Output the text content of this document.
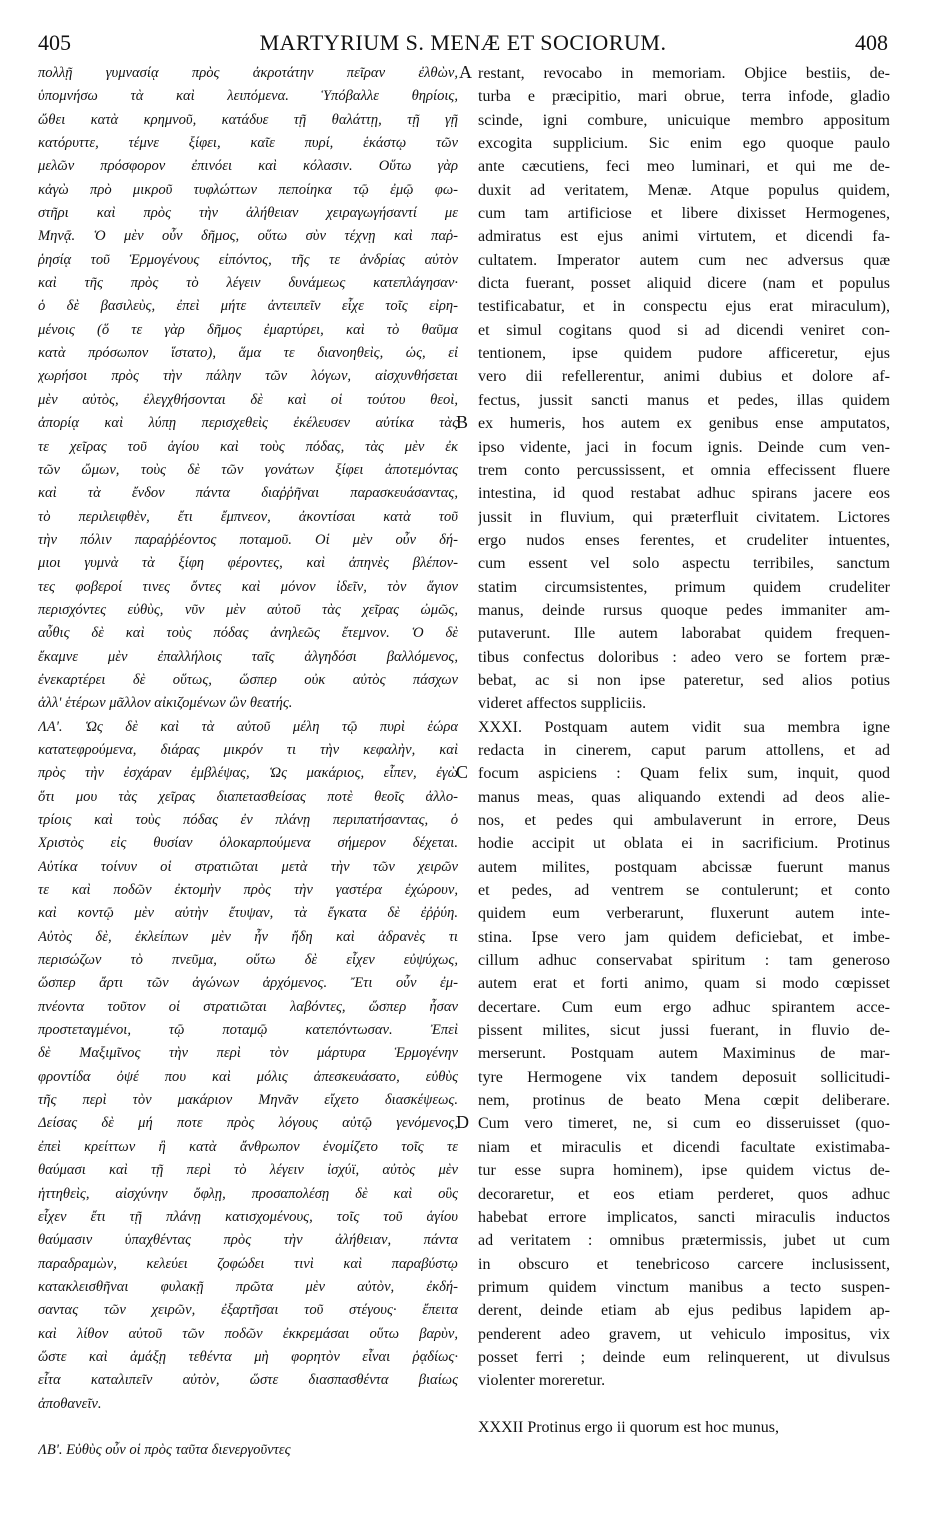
405	MARTYRIUM S. MENÆ ET SOCIORUM.	408
πολλῇ γυμνασίᾳ πρὸς ἀκροτάτην πεῖραν ἐλθὼν,
ὑπομνήσω τὰ καὶ λειπόμενα. Ὑπόβαλλε θηρίοις,
ὤθει κατὰ κρημνοῦ, κατάδυε τῇ θαλάττῃ, τῇ γῇ
κατόρυττε, τέμνε ξίφει, καῖε πυρί, ἑκάστῳ τῶν
μελῶν πρόσφορον ἐπινόει καὶ κόλασιν. Οὕτω γὰρ
κἀγὼ πρὸ μικροῦ τυφλώττων πεποίηκα τῷ ἐμῷ φω-
στῆρι καὶ πρὸς τὴν ἀλήθειαν χειραγωγήσαντί με
Μηνᾷ. Ὁ μὲν οὖν δῆμος, οὕτω σὺν τέχνῃ καὶ παῤ-
ῥησίᾳ τοῦ Ἑρμογένους εἰπόντος, τῆς τε ἀνδρίας αὐτὸν
καὶ τῆς πρὸς τὸ λέγειν δυνάμεως κατεπλάγησαν·
ὁ δὲ βασιλεὺς, ἐπεὶ μήτε ἀντειπεῖν εἶχε τοῖς εἰρη-
μένοις (ὅ τε γὰρ δῆμος ἐμαρτύρει, καὶ τὸ θαῦμα
κατὰ πρόσωπον ἵστατο), ἅμα τε διανοηθεὶς, ὡς, εἰ
χωρήσοι πρὸς τὴν πάλην τῶν λόγων, αἰσχυνθήσεται
μὲν αὐτὸς, ἐλεγχθήσονται δὲ καὶ οἱ τούτου θεοὶ,
ἀπορίᾳ καὶ λύπῃ περισχεθεὶς ἐκέλευσεν αὐτίκα τὰς
τε χεῖρας τοῦ ἁγίου καὶ τοὺς πόδας, τὰς μὲν ἐκ
τῶν ὤμων, τοὺς δὲ τῶν γονάτων ξίφει ἀποτεμόντας
καὶ τὰ ἔνδον πάντα διαῤῥῆναι παρασκευάσαντας,
τὸ περιλειφθὲν, ἔτι ἔμπνεον, ἀκοντίσαι κατὰ τοῦ
τὴν πόλιν παραῤῥέοντος ποταμοῦ. Οἱ μὲν οὖν δή-
μιοι γυμνὰ τὰ ξίφη φέροντες, καὶ ἀπηνὲς βλέπον-
τες φοβεροί τινες ὄντες καὶ μόνον ἰδεῖν, τὸν ἅγιον
περισχόντες εὐθὺς, νῦν μὲν αὐτοῦ τὰς χεῖρας ὠμῶς,
αὖθις δὲ καὶ τοὺς πόδας ἀνηλεῶς ἔτεμνον. Ὁ δὲ
ἔκαμνε μὲν ἐπαλλήλοις ταῖς ἀλγηδόσι βαλλόμενος,
ἐνεκαρτέρει δὲ οὕτως, ὥσπερ οὐκ αὐτὸς πάσχων
ἀλλ' ἑτέρων μᾶλλον αἰκιζομένων ὢν θεατής.
ΛΑ'. Ὡς δὲ καὶ τὰ αὐτοῦ μέλη τῷ πυρὶ ἑώρα
κατατεφρούμενα, διάρας μικρόν τι τὴν κεφαλὴν, καὶ
πρὸς τὴν ἐσχάραν ἐμβλέψας, Ὡς μακάριος, εἶπεν, ἐγὼ
ὅτι μου τὰς χεῖρας διαπετασθείσας ποτὲ θεοῖς ἀλλο-
τρίοις καὶ τοὺς πόδας ἐν πλάνῃ περιπατήσαντας, ὁ
Χριστὸς εἰς θυσίαν ὁλοκαρπούμενα σήμερον δέχεται.
Αὐτίκα τοίνυν οἱ στρατιῶται μετὰ τὴν τῶν χειρῶν
τε καὶ ποδῶν ἐκτομὴν πρὸς τὴν γαστέρα ἐχώρουν,
καὶ κοντῷ μὲν αὐτὴν ἔτυψαν, τὰ ἔγκατα δὲ ἐῤῥύη.
Αὐτὸς δὲ, ἐκλείπων μὲν ἦν ἤδη καὶ ἀδρανὲς τι
περισώζων τὸ πνεῦμα, οὕτω δὲ εἶχεν εὐψύχως,
ὥσπερ ἄρτι τῶν ἀγώνων ἀρχόμενος. Ἔτι οὖν ἐμ-
πνέοντα τοῦτον οἱ στρατιῶται λαβόντες, ὥσπερ ἦσαν
προστεταγμένοι, τῷ ποταμῷ κατεπόντωσαν. Ἐπεὶ
δὲ Μαξιμῖνος τὴν περὶ τὸν μάρτυρα Ἑρμογένην
φροντίδα ὀψέ που καὶ μόλις ἀπεσκευάσατο, εὐθὺς
τῆς περὶ τὸν μακάριον Μηνᾶν εἴχετο διασκέψεως.
Δείσας δὲ μή ποτε πρὸς λόγους αὐτῷ γενόμενος,
ἐπεὶ κρείττων ἢ κατὰ ἄνθρωπον ἐνομίζετο τοῖς τε
θαύμασι καὶ τῇ περὶ τὸ λέγειν ἰσχύϊ, αὐτὸς μὲν
ἡττηθεὶς, αἰσχύνην ὄφλῃ, προσαπολέσῃ δὲ καὶ οὓς
εἶχεν ἔτι τῇ πλάνῃ κατισχομένους, τοῖς τοῦ ἁγίου
θαύμασιν ὑπαχθέντας πρὸς τὴν ἀλήθειαν, πάντα
παραδραμὼν, κελεύει ζοφώδει τινὶ καὶ παραβύστῳ
κατακλεισθῆναι φυλακῇ πρῶτα μὲν αὐτὸν, ἐκδή-
σαντας τῶν χειρῶν, ἐξαρτῆσαι τοῦ στέγους· ἔπειτα
καὶ λίθον αὐτοῦ τῶν ποδῶν ἐκκρεμάσαι οὕτω βαρὺν,
ὥστε καὶ ἁμάξῃ τεθέντα μὴ φορητὸν εἶναι ῥᾳδίως·
εἶτα καταλιπεῖν αὐτὸν, ὥστε διασπασθέντα βιαίως
ἀποθανεῖν.
ΛΒ'. Εὐθὺς οὖν οἱ πρὸς ταῦτα διενεργοῦντες
restant, revocabo in memoriam. Objice bestiis, de-
turba e præcipitio, mari obrue, terra infode, gladio
scinde, igni combure, unicuique membro appositum
excogita supplicium. Sic enim ego quoque paulo
ante cæcutiens, feci meo luminari, et qui me de-
duxit ad veritatem, Menæ. Atque populus quidem,
cum tam artificiose et libere dixisset Hermogenes,
admiratus est ejus animi virtutem, et dicendi fa-
cultatem. Imperator autem cum nec adversus quæ
dicta fuerant, posset aliquid dicere (nam et populus
testificabatur, et in conspectu ejus erat miraculum),
et simul cogitans quod si ad dicendi veniret con-
tentionem, ipse quidem pudore afficeretur, ejus
vero dii refellerentur, animi dubius et dolore af-
fectus, jussit sancti manus et pedes, illas quidem
ex humeris, hos autem ex genibus ense amputatos,
ipso vidente, jaci in focum ignis. Deinde cum ven-
trem conto percussissent, et omnia effecissent fluere
intestina, id quod restabat adhuc spirans jacere eos
jussit in fluvium, qui præterfluit civitatem. Lictores
ergo nudos enses ferentes, et crudeliter intuentes,
cum essent vel solo aspectu terribiles, sanctum
statim circumsistentes, primum quidem crudeliter
manus, deinde rursus quoque pedes immaniter am-
putaverunt. Ille autem laborabat quidem frequen-
tibus confectus doloribus : adeo vero se fortem præ-
bebat, ac si non ipse pateretur, sed alios potius
videret affectos suppliciis.
XXXI. Postquam autem vidit sua membra igne
redacta in cinerem, caput parum attollens, et ad
focum aspiciens : Quam felix sum, inquit, quod
manus meas, quas aliquando extendi ad deos alie-
nos, et pedes qui ambulaverunt in errore, Deus
hodie accipit ut oblata ei in sacrificium. Protinus
autem milites, postquam abcissæ fuerunt manus
et pedes, ad ventrem se contulerunt; et conto
quidem eum verberarunt, fluxerunt autem inte-
stina. Ipse vero jam quidem deficiebat, et imbe-
cillum adhuc conservabat spiritum : tam generoso
autem erat et forti animo, quam si modo cœpisset
decertare. Cum eum ergo adhuc spirantem acce-
pissent milites, sicut jussi fuerant, in fluvio de-
merserunt. Postquam autem Maximinus de mar-
tyre Hermogene vix tandem deposuit sollicitudi-
nem, protinus de beato Mena cœpit deliberare.
Cum vero timeret, ne, si cum eo disseruisset (quo-
niam et miraculis et dicendi facultate existimaba-
tur esse supra hominem), ipse quidem victus de-
decoraretur, et eos etiam perderet, quos adhuc
habebat errore implicatos, sancti miraculis inductos
ad veritatem : omnibus prætermissis, jubet ut cum
in obscuro et tenebricoso carcere inclusissent,
primum quidem vinctum manibus a tecto suspen-
derent, deinde etiam ab ejus pedibus lapidem ap-
penderent adeo gravem, ut vehiculo impositus, vix
posset ferri ; deinde eum relinquerent, ut divulsus
violenter moreretur.
XXXII Protinus ergo ii quorum est hoc munus,
A
B
C
D
